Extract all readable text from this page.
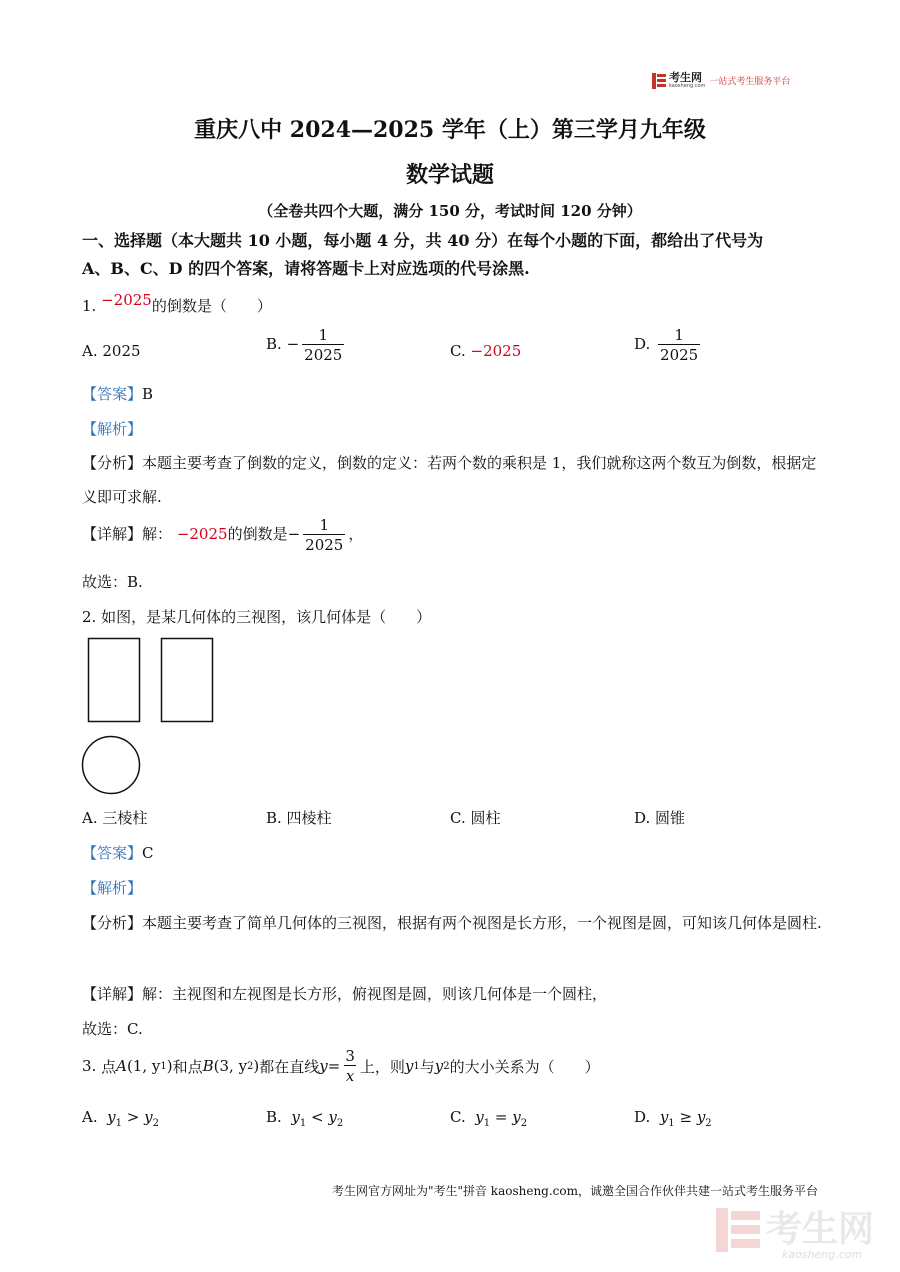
考生网
kaosheng.com 一站式考生服务平台
重庆八中 2024—2025 学年（上）第三学月九年级
数学试题
（全卷共四个大题，满分 150 分，考试时间 120 分钟）
一、选择题（本大题共 10 小题，每小题 4 分，共 40 分）在每个小题的下面，都给出了代号为
A、B、C、D 的四个答案，请将答题卡上对应选项的代号涂黑.
1. −2025的倒数是（　　）
A. 2025	B. − $\frac{1}{2025}$	C. −2025	D. $\frac{1}{2025}$
【答案】B
【解析】
【分析】本题主要考查了倒数的定义，倒数的定义：若两个数的乘积是 1，我们就称这两个数互为倒数，根据定义即可求解.
【详解】解： −2025的倒数是− $\frac{1}{2025}$ ，
故选：B.
2. 如图，是某几何体的三视图，该几何体是（　　）
A. 三棱柱	B. 四棱柱	C. 圆柱	D. 圆锥
【答案】C
【解析】
【分析】本题主要考查了简单几何体的三视图，根据有两个视图是长方形，一个视图是圆，可知该几何体是圆柱.
【详解】解：主视图和左视图是长方形，俯视图是圆，则该几何体是一个圆柱，
故选：C.
3.
点 A (1, y 1 ) 和点 B (3, y 2 ) 都在直线 $y = \frac{3}{x}$ 上，则 y 1 与 y 2 的大小关系为（　　）
A. $y_1 > y_2$	B. $y_1 < y_2$	C. $y_1 = y_2$	D. $y_1 \ge y_2$
考生网官方网址为"考生"拼音 kaosheng.com，诚邀全国合作伙伴共建一站式考生服务平台
考生网
kaosheng.com
